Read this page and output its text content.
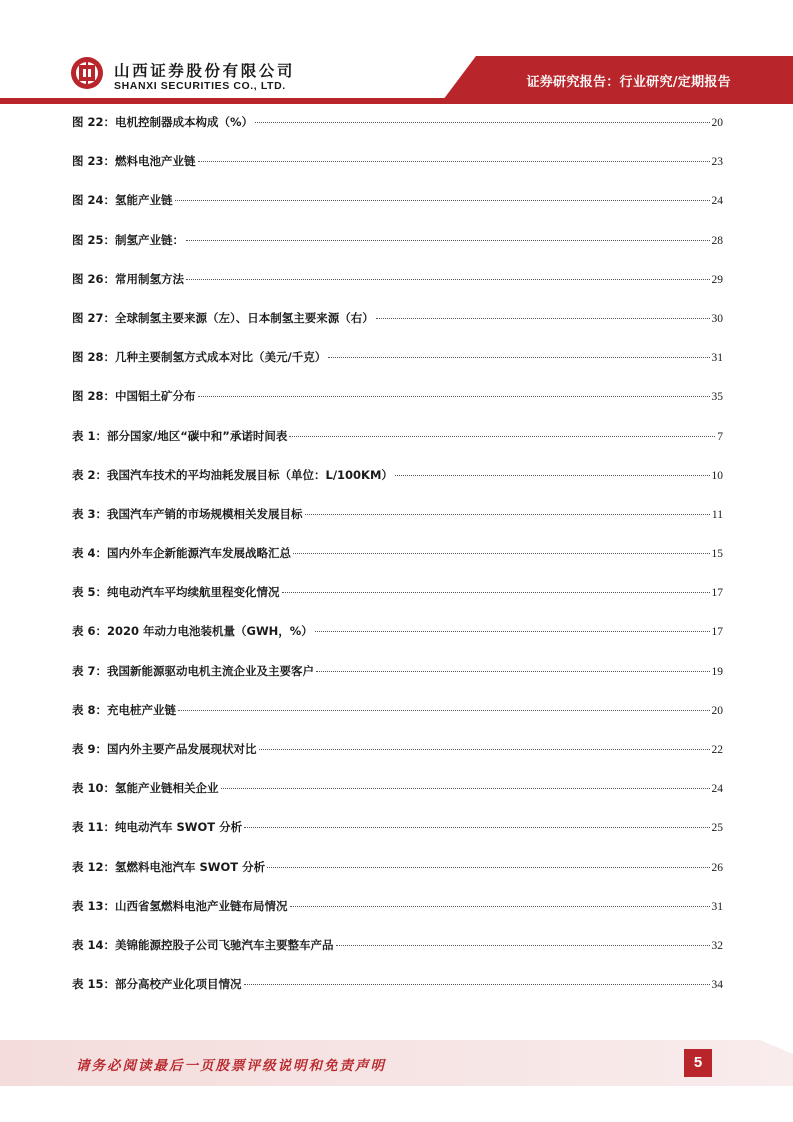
山西证券股份有限公司
SHANXI SECURITIES CO., LTD.	证券研究报告：行业研究/定期报告
图 22：电机控制器成本构成（%）	20
图 23：燃料电池产业链	23
图 24：氢能产业链	24
图 25：制氢产业链：	28
图 26：常用制氢方法	29
图 27：全球制氢主要来源（左）、日本制氢主要来源（右）	30
图 28：几种主要制氢方式成本对比（美元/千克）	31
图 28：中国铝土矿分布	35
表 1：部分国家/地区“碳中和”承诺时间表	7
表 2：我国汽车技术的平均油耗发展目标（单位：L/100KM）	10
表 3：我国汽车产销的市场规模相关发展目标	11
表 4：国内外车企新能源汽车发展战略汇总	15
表 5：纯电动汽车平均续航里程变化情况	17
表 6：2020 年动力电池装机量（GWH，%）	17
表 7：我国新能源驱动电机主流企业及主要客户	19
表 8：充电桩产业链	20
表 9：国内外主要产品发展现状对比	22
表 10：氢能产业链相关企业	24
表 11：纯电动汽车 SWOT 分析	25
表 12：氢燃料电池汽车 SWOT 分析	26
表 13：山西省氢燃料电池产业链布局情况	31
表 14：美锦能源控股子公司飞驰汽车主要整车产品	32
表 15：部分高校产业化项目情况	34
请务必阅读最后一页股票评级说明和免责声明	5
